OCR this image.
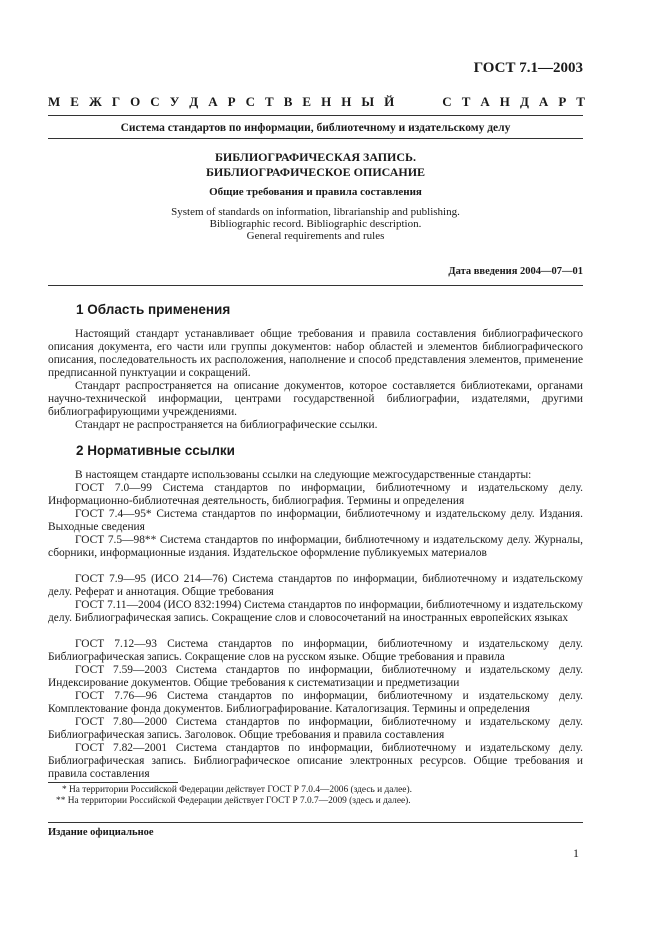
ГОСТ 7.1—2003
М Е Ж Г О С У Д А Р С Т В Е Н Н Ы Й	С Т А Н Д А Р Т
Система стандартов по информации, библиотечному и издательскому делу
БИБЛИОГРАФИЧЕСКАЯ ЗАПИСЬ.
БИБЛИОГРАФИЧЕСКОЕ ОПИСАНИЕ
Общие требования и правила составления
System of standards on information, librarianship and publishing.
Bibliographic record. Bibliographic description.
General requirements and rules
Дата введения 2004—07—01
1 Область применения
Настоящий стандарт устанавливает общие требования и правила составления библиографического описания документа, его части или группы документов: набор областей и элементов библиографического описания, последовательность их расположения, наполнение и способ представления элементов, применение предписанной пунктуации и сокращений.
Стандарт распространяется на описание документов, которое составляется библиотеками, органами научно-технической информации, центрами государственной библиографии, издателями, другими библиографирующими учреждениями.
Стандарт не распространяется на библиографические ссылки.
2 Нормативные ссылки
В настоящем стандарте использованы ссылки на следующие межгосударственные стандарты:
ГОСТ 7.0—99 Система стандартов по информации, библиотечному и издательскому делу. Информационно-библиотечная деятельность, библиография. Термины и определения
ГОСТ 7.4—95* Система стандартов по информации, библиотечному и издательскому делу. Издания. Выходные сведения
ГОСТ 7.5—98** Система стандартов по информации, библиотечному и издательскому делу. Журналы, сборники, информационные издания. Издательское оформление публикуемых материалов
ГОСТ 7.9—95 (ИСО 214—76) Система стандартов по информации, библиотечному и издательскому делу. Реферат и аннотация. Общие требования
ГОСТ 7.11—2004 (ИСО 832:1994) Система стандартов по информации, библиотечному и издательскому делу. Библиографическая запись. Сокращение слов и словосочетаний на иностранных европейских языках
ГОСТ 7.12—93 Система стандартов по информации, библиотечному и издательскому делу. Библиографическая запись. Сокращение слов на русском языке. Общие требования и правила
ГОСТ 7.59—2003 Система стандартов по информации, библиотечному и издательскому делу. Индексирование документов. Общие требования к систематизации и предметизации
ГОСТ 7.76—96 Система стандартов по информации, библиотечному и издательскому делу. Комплектование фонда документов. Библиографирование. Каталогизация. Термины и определения
ГОСТ 7.80—2000 Система стандартов по информации, библиотечному и издательскому делу. Библиографическая запись. Заголовок. Общие требования и правила составления
ГОСТ 7.82—2001 Система стандартов по информации, библиотечному и издательскому делу. Библиографическая запись. Библиографическое описание электронных ресурсов. Общие требования и правила составления
* На территории Российской Федерации действует ГОСТ Р 7.0.4—2006 (здесь и далее).
** На территории Российской Федерации действует ГОСТ Р 7.0.7—2009 (здесь и далее).
Издание официальное
1
